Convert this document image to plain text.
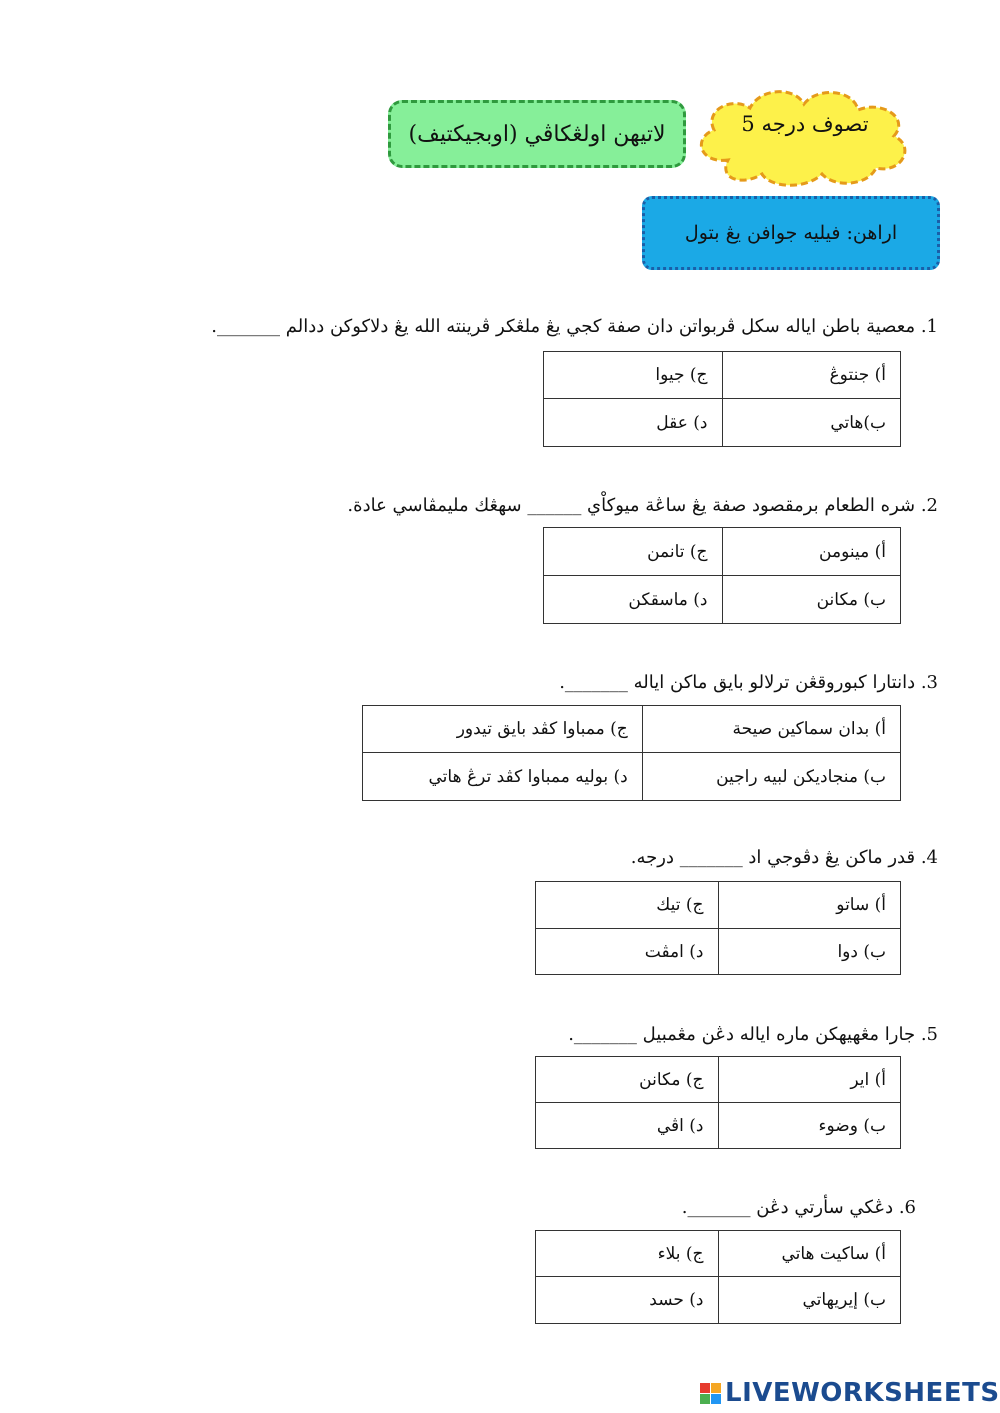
تصوف درجه 5
لاتيهن اولڠكاڤي (اوبجيكتيف)
اراهن: فيليه جوافن يڠ بتول
1. معصية باطن اياله سكل ڤربواتن دان صفة كجي يڠ ملڠكر ڤرينته الله يڠ دلاكوكن ددالم _______.
أ) جنتوڠ	ج) جيوا
ب)هاتي	د) عقل
2. شره الطعام برمقصود صفة يڠ ساڠة ميوكاْي ______ سهڠك مليمڤاسي عادة.
أ) مينومن	ج) تانمن
ب) مكانن	د) ماسقكن
3. دانتارا كبوروقڠن ترلالو بايق ماكن اياله _______.
أ) بدان سماكين صيحة	ج) ممباوا كڤد بايق تيدور
ب) منجاديكن لبيه راجين	د) بوليه ممباوا كڤد ترڠ هاتي
4. قدر ماكن يڠ دڤوجي اد _______ درجه.
أ) ساتو	ج) تيك
ب) دوا	د) امڤت
5. جارا مڠهيهكن ماره اياله دڠن مڠمبيل _______.
أ) اير	ج) مكانن
ب) وضوء	د) اڤي
6. دڠكي سأرتي دڠن _______.
أ) ساكيت هاتي	ج) بلاء
ب) إيريهاتي	د) حسد
LIVEWORKSHEETS
